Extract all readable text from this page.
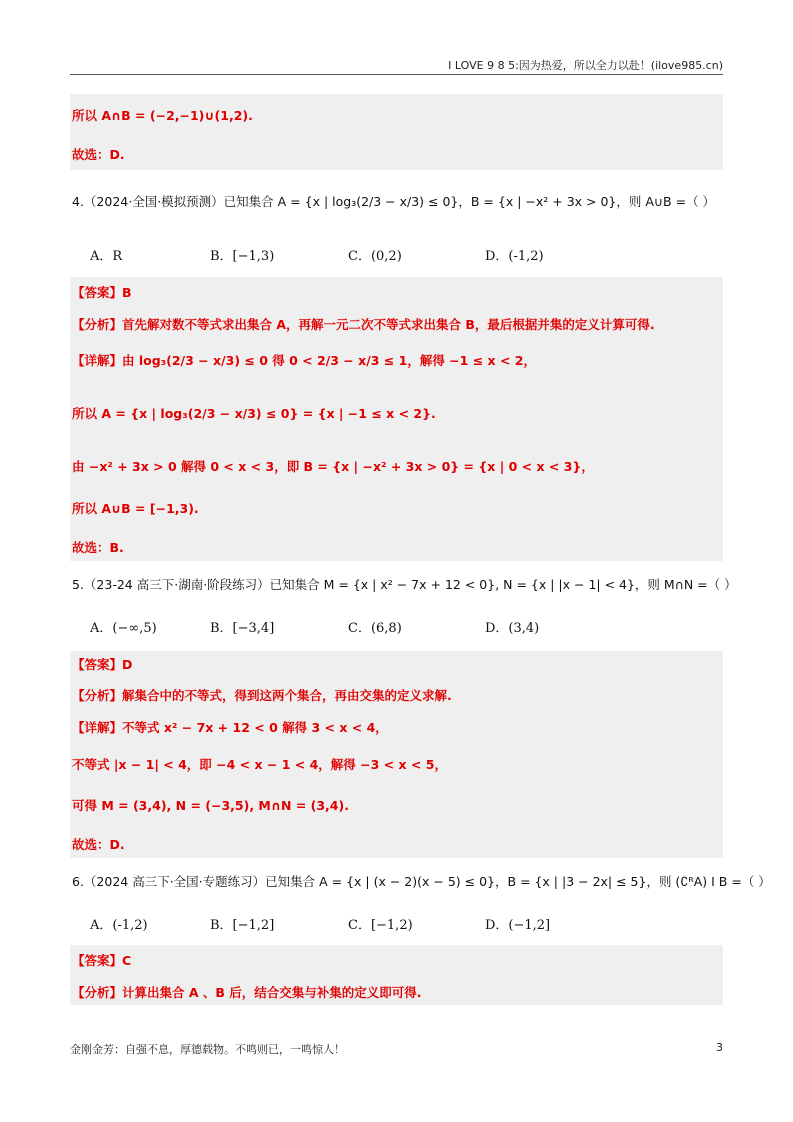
I LOVE 9 8 5:因为热爱，所以全力以赴！(ilove985.cn)
所以 A∩B = (−2,−1)∪(1,2).
故选：D.
4.（2024·全国·模拟预测）已知集合 A = {x | log₃(2/3 − x/3) ≤ 0}，B = {x | −x² + 3x > 0}，则 A∪B =（ ）
A．R	B．[−1,3)	C．(0,2)	D．(-1,2)
【答案】B
【分析】首先解对数不等式求出集合 A，再解一元二次不等式求出集合 B，最后根据并集的定义计算可得.
【详解】由 log₃(2/3 − x/3) ≤ 0 得 0 < 2/3 − x/3 ≤ 1，解得 −1 ≤ x < 2，
所以 A = {x | log₃(2/3 − x/3) ≤ 0} = {x | −1 ≤ x < 2}.
由 −x² + 3x > 0 解得 0 < x < 3，即 B = {x | −x² + 3x > 0} = {x | 0 < x < 3}，
所以 A∪B = [−1,3).
故选：B.
5.（23-24 高三下·湖南·阶段练习）已知集合 M = {x | x² − 7x + 12 < 0}, N = {x | |x − 1| < 4}，则 M∩N =（ ）
A．(−∞,5)	B．[−3,4]	C．(6,8)	D．(3,4)
【答案】D
【分析】解集合中的不等式，得到这两个集合，再由交集的定义求解.
【详解】不等式 x² − 7x + 12 < 0 解得 3 < x < 4，
不等式 |x − 1| < 4，即 −4 < x − 1 < 4，解得 −3 < x < 5，
可得 M = (3,4), N = (−3,5), M∩N = (3,4).
故选：D.
6.（2024 高三下·全国·专题练习）已知集合 A = {x | (x − 2)(x − 5) ≤ 0}，B = {x | |3 − 2x| ≤ 5}，则 (∁ᴿA) I B =（ ）
A．(-1,2)	B．[−1,2]	C．[−1,2)	D．(−1,2]
【答案】C
【分析】计算出集合 A 、B 后，结合交集与补集的定义即可得.
金刚金芳：自强不息，厚德载物。不鸣则已，一鸣惊人！	3
